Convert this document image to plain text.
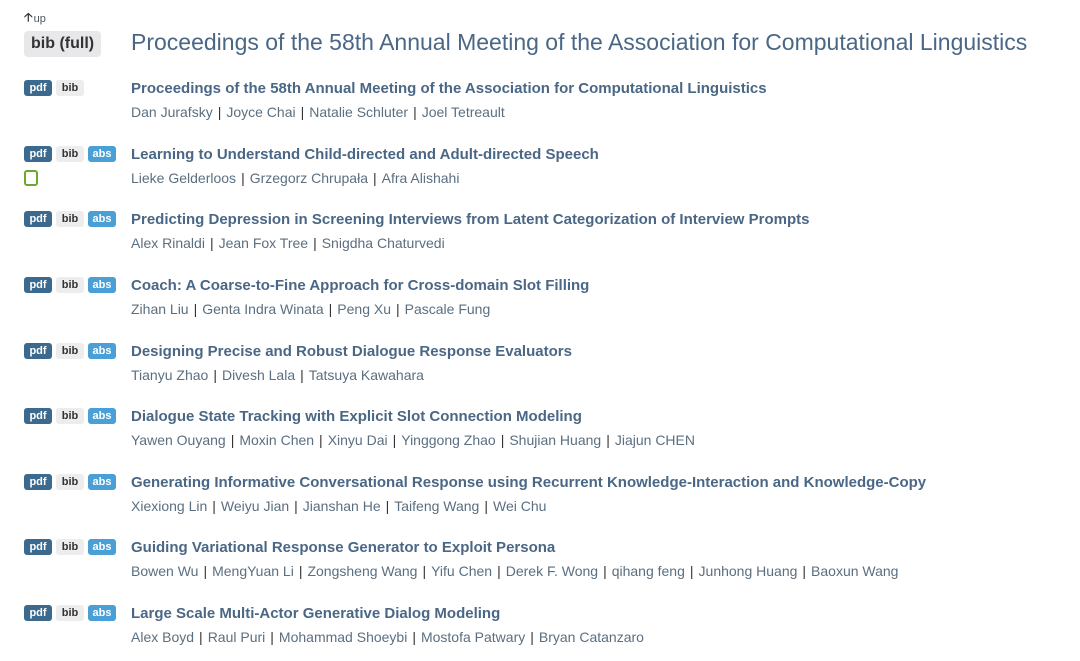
🡡 up
bib (full)	Proceedings of the 58th Annual Meeting of the Association for Computational Linguistics
pdf	bib	Proceedings of the 58th Annual Meeting of the Association for Computational Linguistics
Dan Jurafsky | Joyce Chai | Natalie Schluter | Joel Tetreault
pdf	bib	abs	Learning to Understand Child-directed and Adult-directed Speech
Lieke Gelderloos | Grzegorz Chrupała | Afra Alishahi
pdf	bib	abs	Predicting Depression in Screening Interviews from Latent Categorization of Interview Prompts
Alex Rinaldi | Jean Fox Tree | Snigdha Chaturvedi
pdf	bib	abs	Coach: A Coarse-to-Fine Approach for Cross-domain Slot Filling
Zihan Liu | Genta Indra Winata | Peng Xu | Pascale Fung
pdf	bib	abs	Designing Precise and Robust Dialogue Response Evaluators
Tianyu Zhao | Divesh Lala | Tatsuya Kawahara
pdf	bib	abs	Dialogue State Tracking with Explicit Slot Connection Modeling
Yawen Ouyang | Moxin Chen | Xinyu Dai | Yinggong Zhao | Shujian Huang | Jiajun CHEN
pdf	bib	abs	Generating Informative Conversational Response using Recurrent Knowledge-Interaction and Knowledge-Copy
Xiexiong Lin | Weiyu Jian | Jianshan He | Taifeng Wang | Wei Chu
pdf	bib	abs	Guiding Variational Response Generator to Exploit Persona
Bowen Wu | MengYuan Li | Zongsheng Wang | Yifu Chen | Derek F. Wong | qihang feng | Junhong Huang | Baoxun Wang
pdf	bib	abs	Large Scale Multi-Actor Generative Dialog Modeling
Alex Boyd | Raul Puri | Mohammad Shoeybi | Mostofa Patwary | Bryan Catanzaro
